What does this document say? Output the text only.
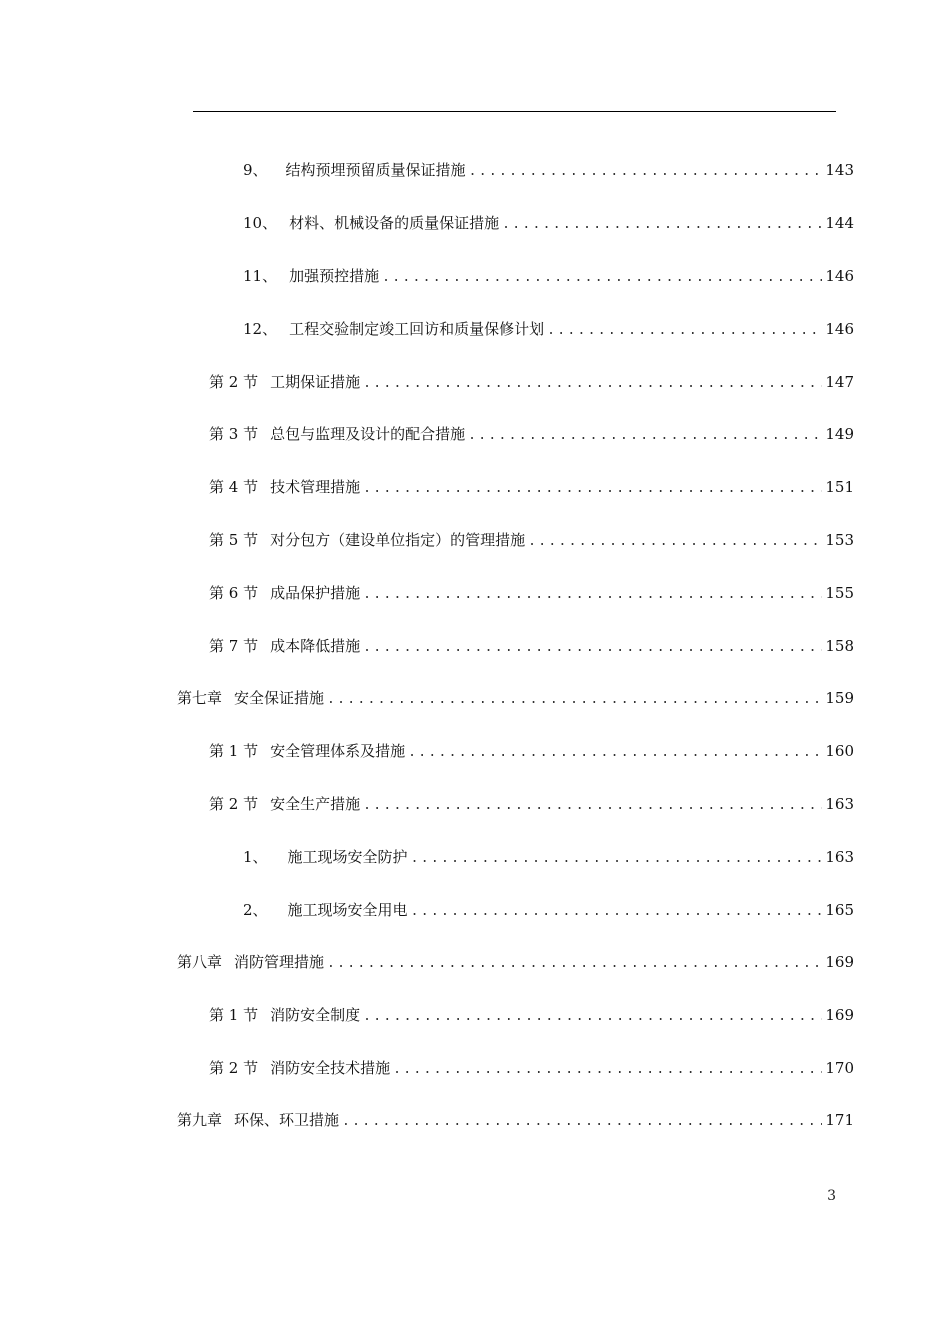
9、	结构预埋预留质量保证措施 .....	143
10、 材料、机械设备的质量保证措施 .....	144
11、 加强预控措施 .....	146
12、 工程交验制定竣工回访和质量保修计划 .....	146
第 2 节 工期保证措施 .....	147
第 3 节 总包与监理及设计的配合措施 .....	149
第 4 节 技术管理措施 .....	151
第 5 节 对分包方（建设单位指定）的管理措施 .....	153
第 6 节 成品保护措施 .....	155
第 7 节 成本降低措施 .....	158
第七章 安全保证措施 .....	159
第 1 节 安全管理体系及措施 .....	160
第 2 节 安全生产措施 .....	163
1、	施工现场安全防护 .....	163
2、	施工现场安全用电 .....	165
第八章 消防管理措施 .....	169
第 1 节 消防安全制度 .....	169
第 2 节 消防安全技术措施 .....	170
第九章 环保、环卫措施 .....	171
3
